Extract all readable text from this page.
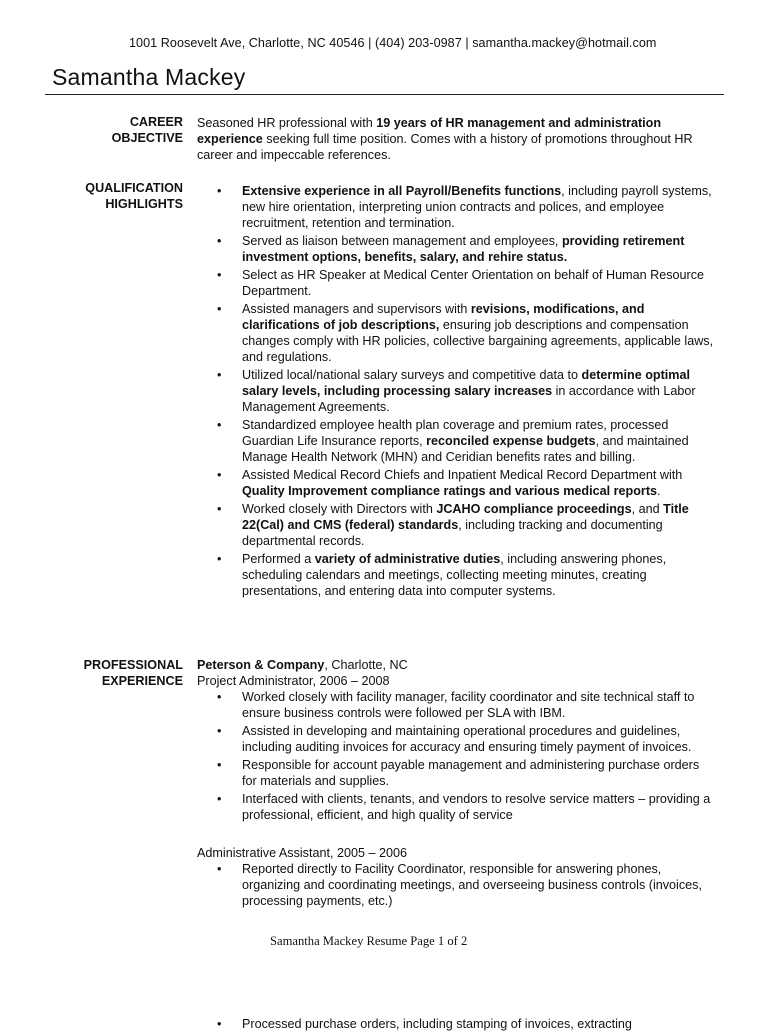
1001 Roosevelt Ave, Charlotte, NC 40546 | (404) 203-0987 | samantha.mackey@hotmail.com
Samantha Mackey
CAREER
OBJECTIVE

Seasoned HR professional with 19 years of HR management and administration experience seeking full time position. Comes with a history of promotions throughout HR career and impeccable references.

QUALIFICATION
HIGHLIGHTS
• Extensive experience in all Payroll/Benefits functions, including payroll systems, new hire orientation, interpreting union contracts and polices, and employee recruitment, retention and termination.
• Served as liaison between management and employees, providing retirement investment options, benefits, salary, and rehire status.
• Select as HR Speaker at Medical Center Orientation on behalf of Human Resource Department.
• Assisted managers and supervisors with revisions, modifications, and clarifications of job descriptions, ensuring job descriptions and compensation changes comply with HR policies, collective bargaining agreements, applicable laws, and regulations.
• Utilized local/national salary surveys and competitive data to determine optimal salary levels, including processing salary increases in accordance with Labor Management Agreements.
• Standardized employee health plan coverage and premium rates, processed Guardian Life Insurance reports, reconciled expense budgets, and maintained Manage Health Network (MHN) and Ceridian benefits rates and billing.
• Assisted Medical Record Chiefs and Inpatient Medical Record Department with Quality Improvement compliance ratings and various medical reports.
• Worked closely with Directors with JCAHO compliance proceedings, and Title 22(Cal) and CMS (federal) standards, including tracking and documenting departmental records.
• Performed a variety of administrative duties, including answering phones, scheduling calendars and meetings, collecting meeting minutes, creating presentations, and entering data into computer systems.
PROFESSIONAL
EXPERIENCE

Peterson & Company, Charlotte, NC

Project Administrator, 2006 – 2008

• Worked closely with facility manager, facility coordinator and site technical staff to ensure business controls were followed per SLA with IBM.
• Assisted in developing and maintaining operational procedures and guidelines, including auditing invoices for accuracy and ensuring timely payment of invoices.
• Responsible for account payable management and administering purchase orders for materials and supplies.
• Interfaced with clients, tenants, and vendors to resolve service matters – providing a professional, efficient, and high quality of service

Administrative Assistant, 2005 – 2006

• Reported directly to Facility Coordinator, responsible for answering phones, organizing and coordinating meetings, and overseeing business controls (invoices, processing payments, etc.)
Samantha Mackey Resume Page 1 of 2
• Processed purchase orders, including stamping of invoices, extracting
